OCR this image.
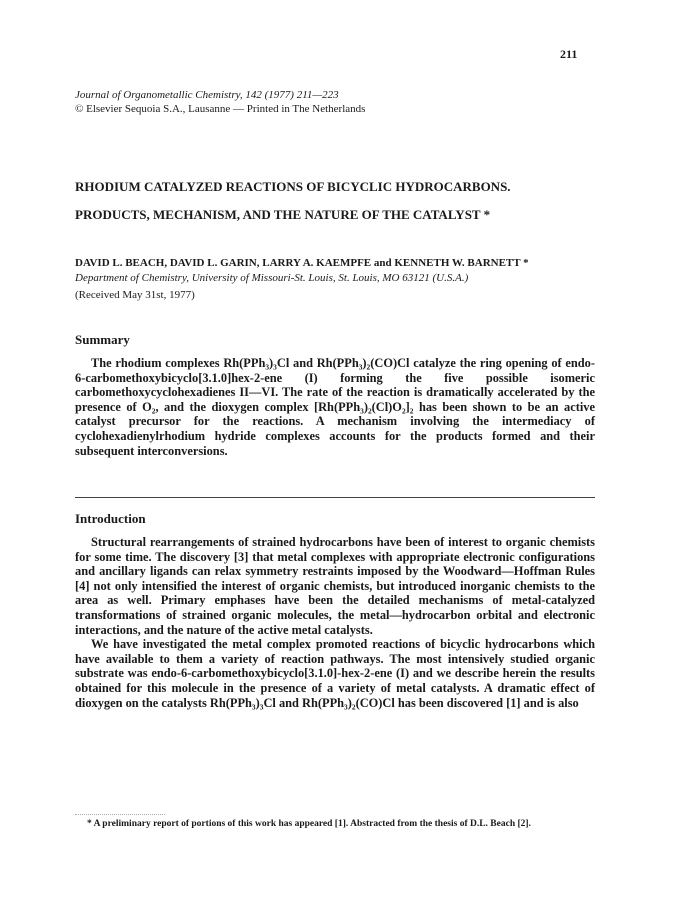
211
Journal of Organometallic Chemistry, 142 (1977) 211—223
© Elsevier Sequoia S.A., Lausanne — Printed in The Netherlands
RHODIUM CATALYZED REACTIONS OF BICYCLIC HYDROCARBONS.
PRODUCTS, MECHANISM, AND THE NATURE OF THE CATALYST *
DAVID L. BEACH, DAVID L. GARIN, LARRY A. KAEMPFE and KENNETH W. BARNETT *
Department of Chemistry, University of Missouri-St. Louis, St. Louis, MO 63121 (U.S.A.)
(Received May 31st, 1977)
Summary

The rhodium complexes Rh(PPh₃)₃Cl and Rh(PPh₃)₂(CO)Cl catalyze the ring opening of endo-6-carbomethoxybicyclo[3.1.0]hex-2-ene (I) forming the five possible isomeric carbomethoxycyclohexadienes II—VI. The rate of the reaction is dramatically accelerated by the presence of O₂, and the dioxygen complex [Rh(PPh₃)₂(Cl)O₂]₂ has been shown to be an active catalyst precursor for the reactions. A mechanism involving the intermediacy of cyclohexadienylrhodium hydride complexes accounts for the products formed and their subsequent interconversions.

Introduction

Structural rearrangements of strained hydrocarbons have been of interest to organic chemists for some time. The discovery [3] that metal complexes with appropriate electronic configurations and ancillary ligands can relax symmetry restraints imposed by the Woodward—Hoffman Rules [4] not only intensified the interest of organic chemists, but introduced inorganic chemists to the area as well. Primary emphases have been the detailed mechanisms of metal-catalyzed transformations of strained organic molecules, the metal—hydrocarbon orbital and electronic interactions, and the nature of the active metal catalysts.

We have investigated the metal complex promoted reactions of bicyclic hydrocarbons which have available to them a variety of reaction pathways. The most intensively studied organic substrate was endo-6-carbomethoxybicyclo[3.1.0]-hex-2-ene (I) and we describe herein the results obtained for this molecule in the presence of a variety of metal catalysts. A dramatic effect of dioxygen on the catalysts Rh(PPh₃)₃Cl and Rh(PPh₃)₂(CO)Cl has been discovered [1] and is also

* A preliminary report of portions of this work has appeared [1]. Abstracted from the thesis of D.L. Beach [2].
